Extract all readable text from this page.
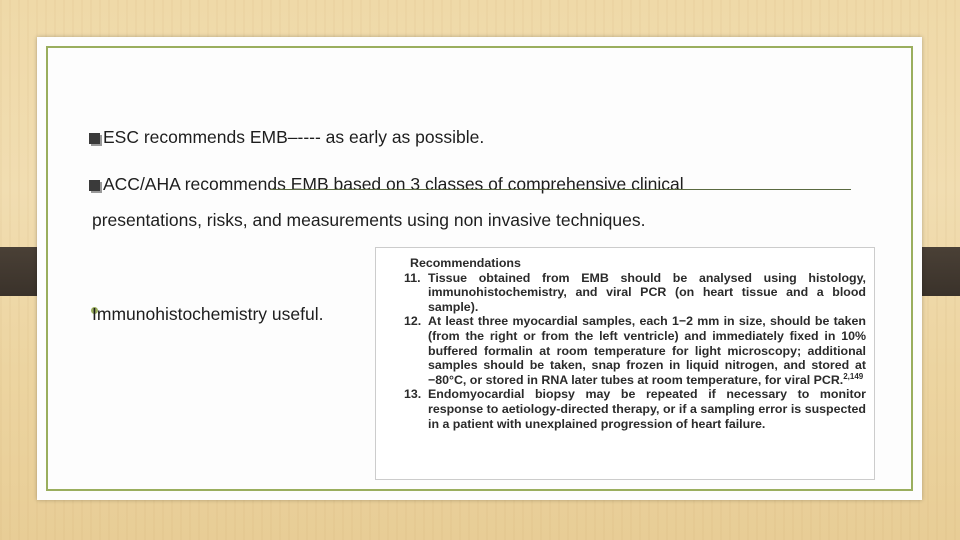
ESC recommends EMB–---- as early as possible.
ACC/AHA recommends EMB based on 3 classes of comprehensive clinical
presentations, risks, and measurements using non invasive techniques.
Immunohistochemistry useful.
Recommendations
11. Tissue obtained from EMB should be analysed using histology, immunohistochemistry, and viral PCR (on heart tissue and a blood sample).
12. At least three myocardial samples, each 1−2 mm in size, should be taken (from the right or from the left ventricle) and immediately fixed in 10% buffered formalin at room temperature for light microscopy; additional samples should be taken, snap frozen in liquid nitrogen, and stored at −80°C, or stored in RNA later tubes at room temperature, for viral PCR.$^{2,149}$
13. Endomyocardial biopsy may be repeated if necessary to monitor response to aetiology-directed therapy, or if a sampling error is suspected in a patient with unexplained progression of heart failure.
